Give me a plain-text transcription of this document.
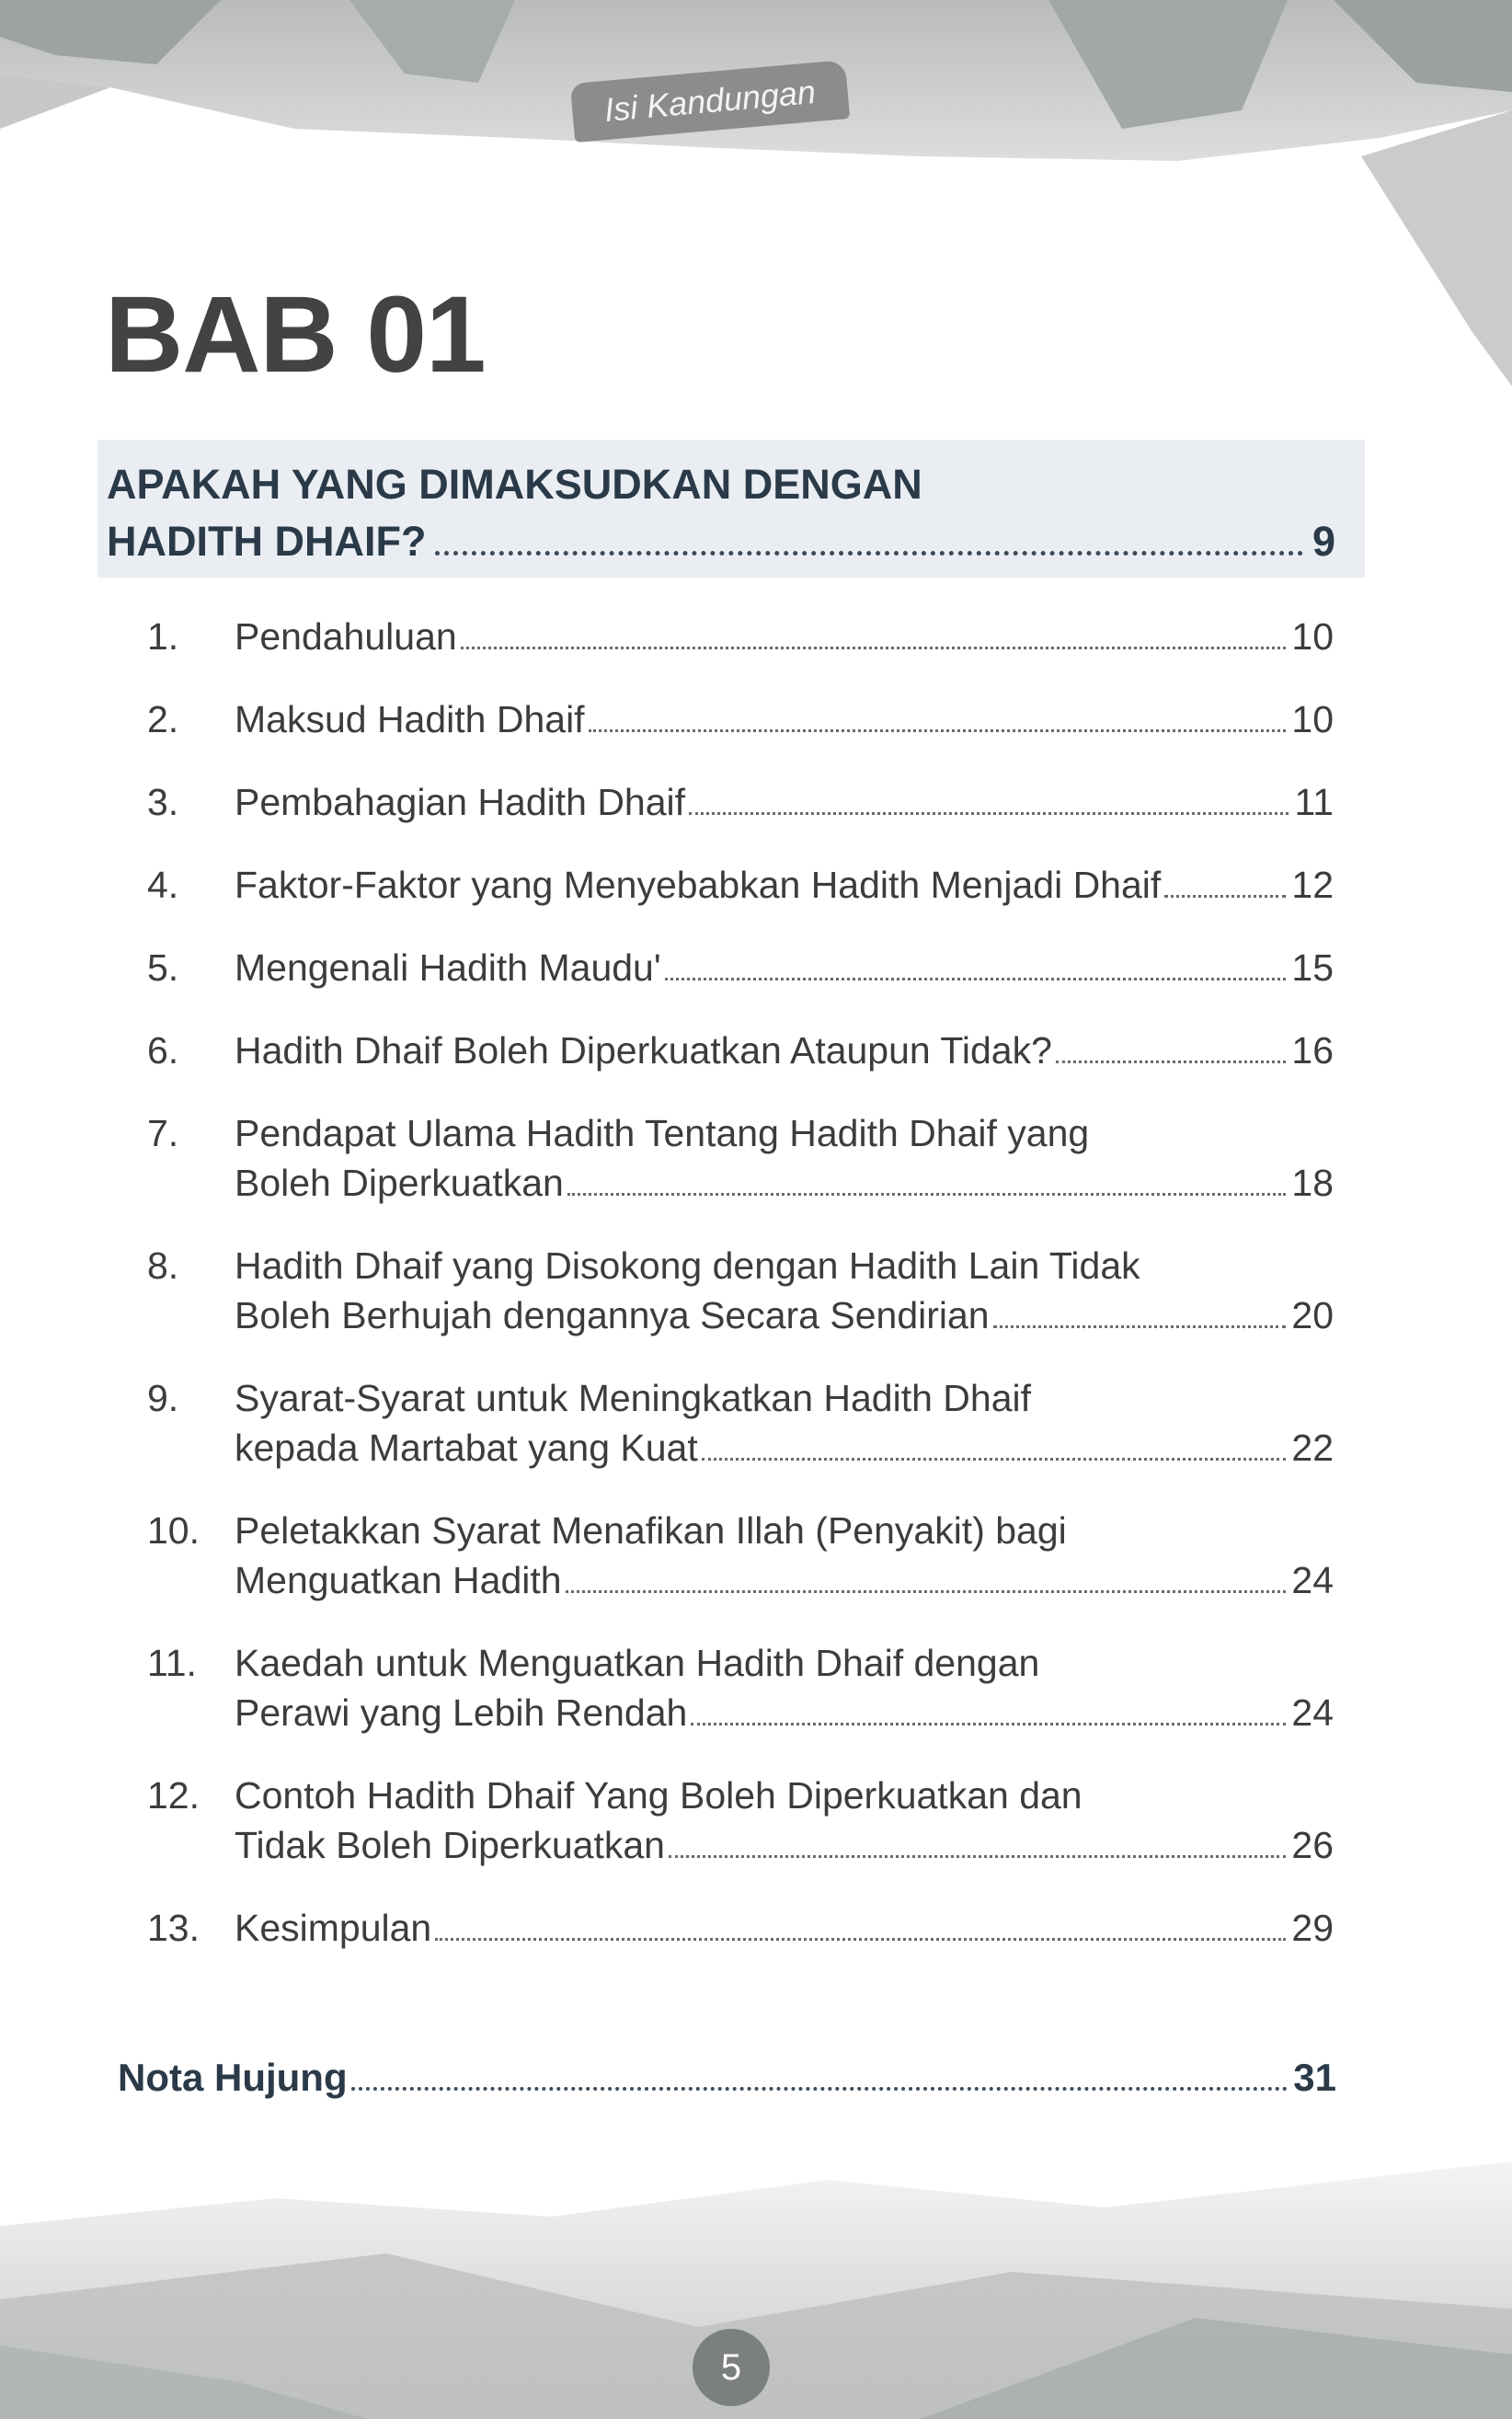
Isi Kandungan
BAB 01
APAKAH YANG DIMAKSUDKAN DENGAN
HADITH DHAIF?	9
1.	Pendahuluan	10
2.	Maksud Hadith Dhaif	10
3.	Pembahagian Hadith Dhaif	11
4.	Faktor-Faktor yang Menyebabkan Hadith Menjadi Dhaif	12
5.	Mengenali Hadith Maudu'	15
6.	Hadith Dhaif Boleh Diperkuatkan Ataupun Tidak?	16
7.	Pendapat Ulama Hadith Tentang Hadith Dhaif yang
Boleh Diperkuatkan	18
8.	Hadith Dhaif yang Disokong dengan Hadith Lain Tidak
Boleh Berhujah dengannya Secara Sendirian	20
9.	Syarat-Syarat untuk Meningkatkan Hadith Dhaif
kepada Martabat yang Kuat	22
10. Peletakkan Syarat Menafikan Illah (Penyakit) bagi
Menguatkan Hadith	24
11.	Kaedah untuk Menguatkan Hadith Dhaif dengan
Perawi yang Lebih Rendah	24
12. Contoh Hadith Dhaif Yang Boleh Diperkuatkan dan
Tidak Boleh Diperkuatkan	26
13. Kesimpulan	29
Nota Hujung	31
5
